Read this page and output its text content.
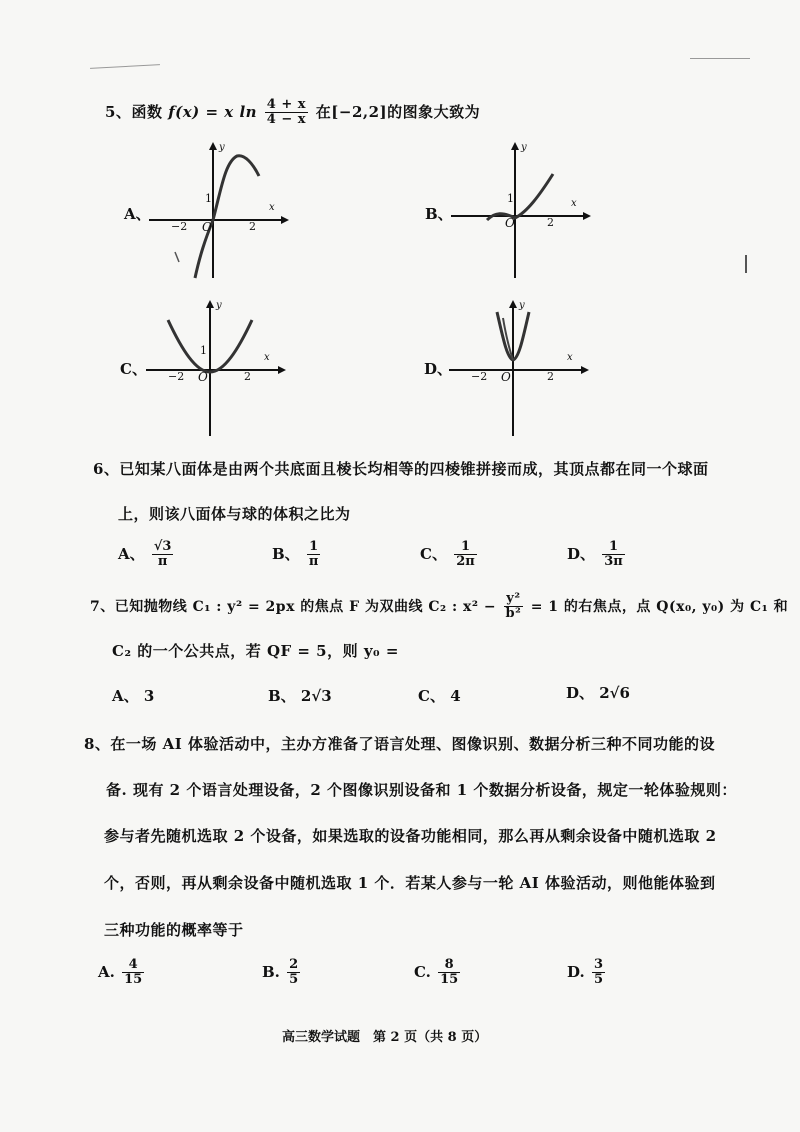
5、函数 f(x) = x $\ln \frac{4 + x}{4 - x}$ 在[−2,2]的图象大致为
A、
y
x
1
O
−2	2
B、
y
x
1
O	2
C、
y
x
1
O
−2	2	D、
y
x
O
−2	2
6、已知某八面体是由两个共底面且棱长均相等的四棱锥拼接而成，其顶点都在同一个球面
上，则该八面体与球的体积之比为
A、 $\frac{√3}{\pi}$	B、 $\frac{1}{\pi}$	C、 $\frac{1}{2\pi}$	D、 $\frac{1}{3\pi}$
7、已知抛物线 C₁ : y² = 2px 的焦点 F 为双曲线 C₂ : $x^2 - \frac{\text{y²}}{\text{b²}} = 1$ 的右焦点，点 Q(x₀, y₀) 为 C₁ 和
C₂ 的一个公共点，若 QF = 5，则 y₀ =
A、 3	B、 2√3	C、 4	D、 2√6
8、在一场 AI 体验活动中，主办方准备了语言处理、图像识别、数据分析三种不同功能的设
备. 现有 2 个语言处理设备，2 个图像识别设备和 1 个数据分析设备，规定一轮体验规则：
参与者先随机选取 2 个设备，如果选取的设备功能相同，那么再从剩余设备中随机选取 2
个，否则，再从剩余设备中随机选取 1 个．若某人参与一轮 AI 体验活动，则他能体验到
三种功能的概率等于
A. $\frac{4}{15}$	B. $\frac{2}{5}$	C. $\frac{8}{15}$	D. $\frac{3}{5}$
高三数学试题　第 2 页（共 8 页）
